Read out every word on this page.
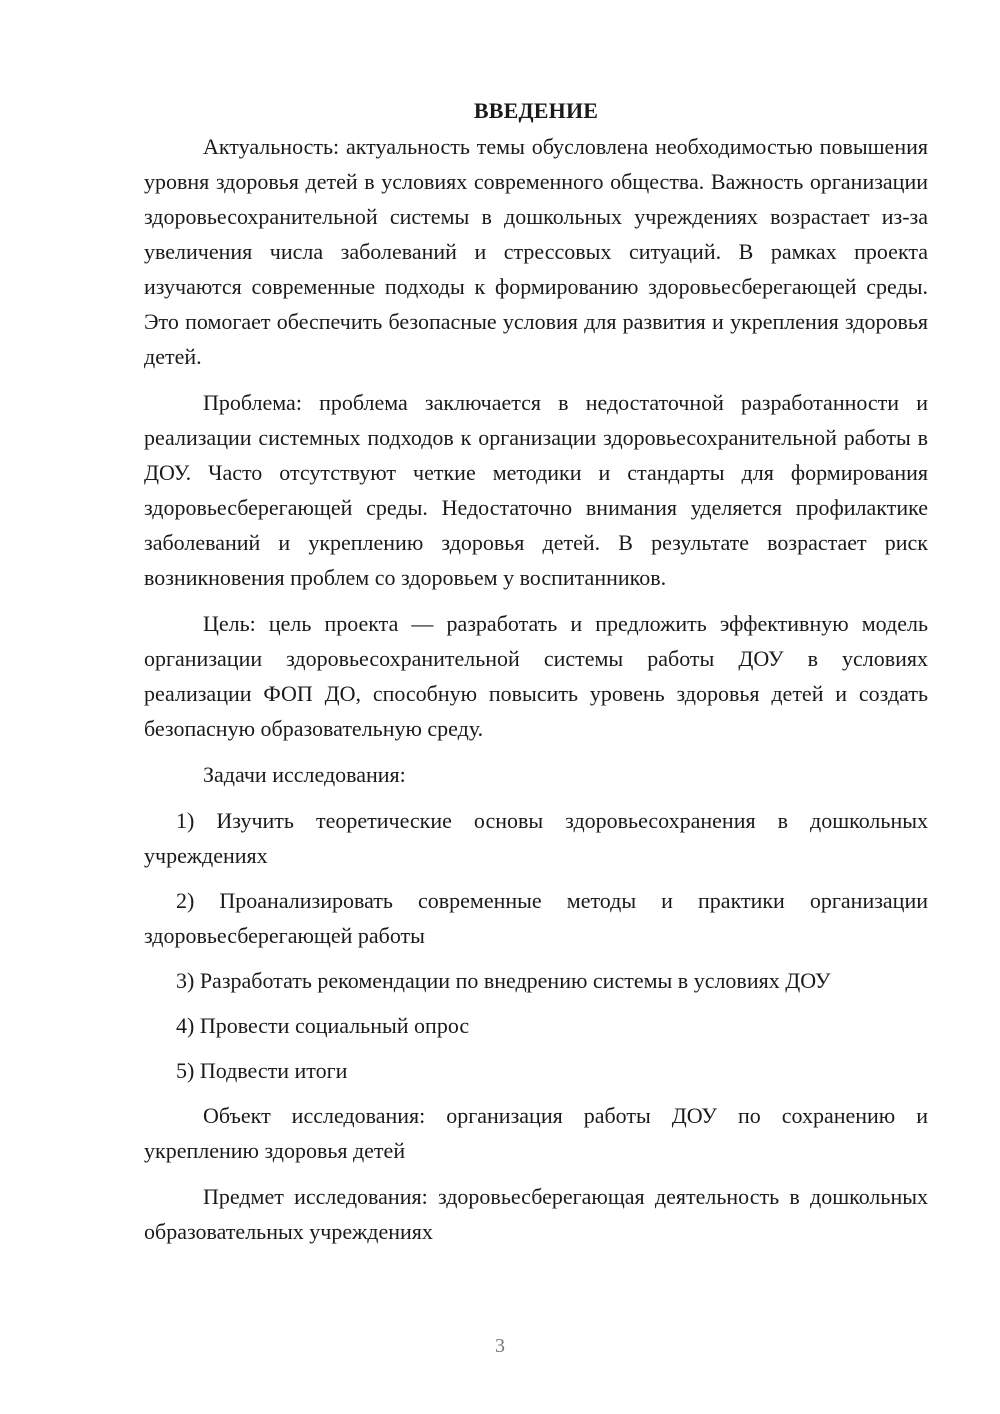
ВВЕДЕНИЕ

Актуальность: актуальность темы обусловлена необходимостью повышения уровня здоровья детей в условиях современного общества. Важность организации здоровьесохранительной системы в дошкольных учреждениях возрастает из-за увеличения числа заболеваний и стрессовых ситуаций. В рамках проекта изучаются современные подходы к формированию здоровьесберегающей среды. Это помогает обеспечить безопасные условия для развития и укрепления здоровья детей.

Проблема: проблема заключается в недостаточной разработанности и реализации системных подходов к организации здоровьесохранительной работы в ДОУ. Часто отсутствуют четкие методики и стандарты для формирования здоровьесберегающей среды. Недостаточно внимания уделяется профилактике заболеваний и укреплению здоровья детей. В результате возрастает риск возникновения проблем со здоровьем у воспитанников.

Цель: цель проекта — разработать и предложить эффективную модель организации здоровьесохранительной системы работы ДОУ в условиях реализации ФОП ДО, способную повысить уровень здоровья детей и создать безопасную образовательную среду.

Задачи исследования:

1) Изучить теоретические основы здоровьесохранения в дошкольных учреждениях

2) Проанализировать современные методы и практики организации здоровьесберегающей работы

3) Разработать рекомендации по внедрению системы в условиях ДОУ

4) Провести социальный опрос

5) Подвести итоги

Объект исследования: организация работы ДОУ по сохранению и укреплению здоровья детей

Предмет исследования: здоровьесберегающая деятельность в дошкольных образовательных учреждениях

3
